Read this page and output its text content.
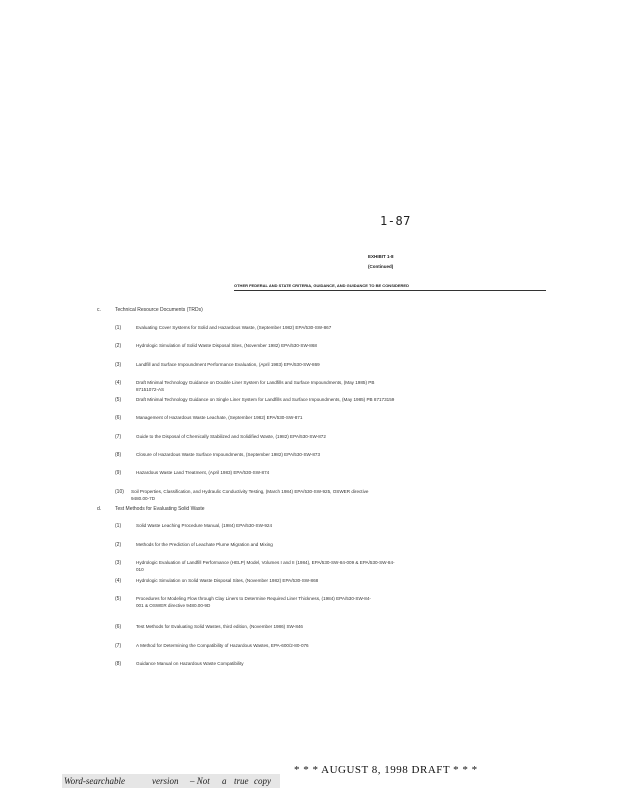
1-87
EXHIBIT 1-8
(Continued)
OTHER FEDERAL AND STATE CRITERIA, GUIDANCE, AND GUIDANCE TO BE CONSIDERED
c.	Technical Resource Documents (TRDs)
(1)	Evaluating Cover Systems for Solid and Hazardous Waste, (September 1982) EPA/530-SW-867
(2)	Hydrologic Simulation of Solid Waste Disposal Sites, (November 1982) EPA/530-SW-868
(3)	Landfill and Surface Impoundment Performance Evaluation, (April 1983) EPA/530-SW-869
(4)	Draft Minimal Technology Guidance on Double Liner System for Landfills and Surface Impoundments, (May 1985) PB 87151072-AS
(5)	Draft Minimal Technology Guidance on Single Liner System for Landfills and Surface Impoundments, (May 1985) PB 87173159
(6)	Management of Hazardous Waste Leachate, (September 1982) EPA/530-SW-871
(7)	Guide to the Disposal of Chemically Stabilized and Solidified Waste, (1982) EPA/530-SW-872
(8)	Closure of Hazardous Waste Surface Impoundments, (September 1982) EPA/530-SW-873
(9)	Hazardous Waste Land Treatment, (April 1983) EPA/530-SW-874
(10) Soil Properties, Classification, and Hydraulic Conductivity Testing, (March 1984) EPA/530-SW-925, OSWER directive 9480.00-7D
d.	Test Methods for Evaluating Solid Waste
(1)	Solid Waste Leaching Procedure Manual, (1984) EPA/530-SW-924
(2)	Methods for the Prediction of Leachate Plume Migration and Mixing
(3)	Hydrologic Evaluation of Landfill Performance (HELP) Model, Volumes I and II (1984), EPA/530-SW-84-009 & EPA/530-SW-84-010
(4)	Hydrologic Simulation on Solid Waste Disposal Sites, (November 1982) EPA/530-SW-868
(5)	Procedures for Modeling Flow through Clay Liners to Determine Required Liner Thickness, (1984) EPA/530-SW-84-001 & OSWER directive 9480.00-9D
(6)	Test Methods for Evaluating Solid Wastes, third edition, (November 1986) SW-846
(7)	A Method for Determining the Compatibility of Hazardous Wastes, EPA-600/2-80-076
(8)	Guidance Manual on Hazardous Waste Compatibility
Word-searchable	version – Not a true copy
* * * AUGUST 8, 1998 DRAFT * * *
